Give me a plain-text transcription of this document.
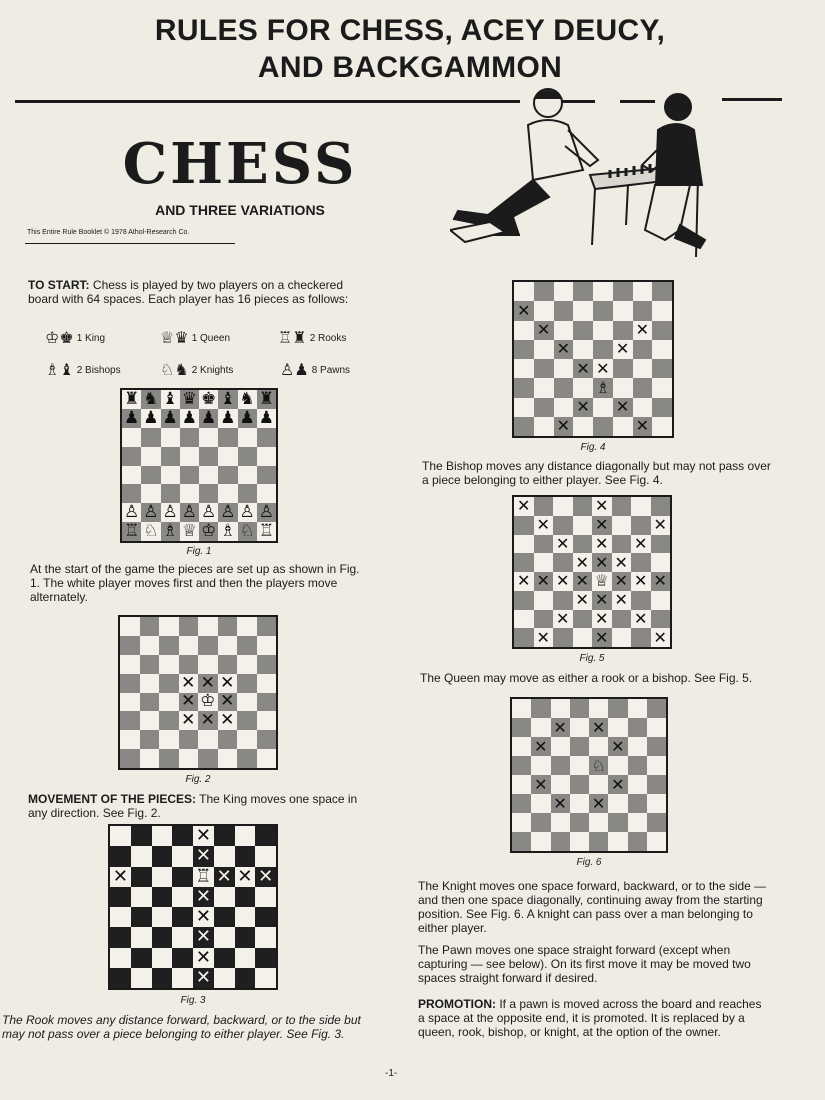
RULES FOR CHESS, ACEY DEUCY,
AND BACKGAMMON
CHESS
AND THREE VARIATIONS
This Entire Rule Booklet © 1978 Athol-Research Co.
TO START: Chess is played by two players on a checkered board with 64 spaces. Each player has 16 pieces as follows:
♔♚ 1 King	♕♛ 1 Queen	♖♜ 2 Rooks
♗♝ 2 Bishops ♘♞ 2 Knights	♙♟ 8 Pawns
♜ ♞ ♝ ♛ ♚ ♝ ♞ ♜
♟ ♟ ♟ ♟ ♟ ♟ ♟ ♟
♙ ♙ ♙ ♙ ♙ ♙ ♙ ♙
♖ ♘ ♗ ♕ ♔ ♗ ♘ ♖
Fig. 1
At the start of the game the pieces are set up as shown in Fig. 1. The white player moves first and then the players move alternately.
✕ ✕ ✕
✕ ♔ ✕
✕ ✕ ✕
Fig. 2
MOVEMENT OF THE PIECES: The King moves one space in any direction. See Fig. 2.
✕
✕
✕	♖ ✕ ✕ ✕
✕
✕
✕
✕
✕
Fig. 3
The Rook moves any distance forward, backward, or to the side but may not pass over a piece belonging to either player. See Fig. 3.
✕
✕	✕
✕	✕
✕ ✕
♗
✕ ✕
✕	✕
Fig. 4
The Bishop moves any distance diagonally but may not pass over a piece belonging to either player. See Fig. 4.
✕	✕
✕	✕	✕
✕ ✕ ✕
✕ ✕ ✕
✕ ✕ ✕ ✕ ♕ ✕ ✕ ✕
✕ ✕ ✕
✕ ✕ ✕
✕	✕	✕
Fig. 5
The Queen may move as either a rook or a bishop. See Fig. 5.
✕ ✕
✕	✕
♘
✕	✕
✕ ✕
Fig. 6
The Knight moves one space forward, backward, or to the side — and then one space diagonally, continuing away from the starting position. See Fig. 6. A knight can pass over a man belonging to either player.
The Pawn moves one space straight forward (except when capturing — see below). On its first move it may be moved two spaces straight forward if desired.
PROMOTION: If a pawn is moved across the board and reaches a space at the opposite end, it is promoted. It is replaced by a queen, rook, bishop, or knight, at the option of the owner.
-1-
